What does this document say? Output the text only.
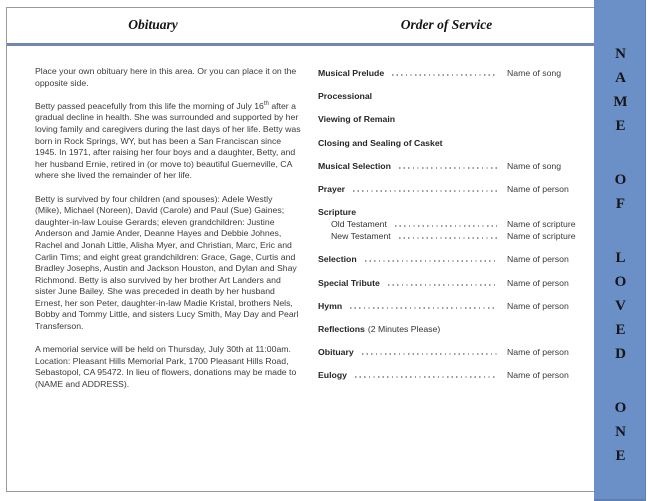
Obituary	Order of Service

Place your own obituary here in this area. Or you can place it on the opposite side.

Betty passed peacefully from this life the morning of July 16th after a gradual decline in health. She was surrounded and supported by her loving family and caregivers during the last days of her life. Betty was born in Rock Springs, WY, but has been a San Franciscan since 1945. In 1971, after raising her four boys and a daughter, Betty, and her husband Ernie, retired in (or move to) beautiful Guerneville, CA where she lived the remainder of her life.

Betty is survived by four children (and spouses): Adele Westly (Mike), Michael (Noreen), David (Carole) and Paul (Sue) Gaines; daughter-in-law Louise Gerards; eleven grandchildren: Justine Anderson and Jamie Ander, Deanne Hayes and Debbie Johnes, Rachel and Jonah Little, Alisha Myer, and Christian, Marc, Eric and Carlin Tims; and eight great grandchildren: Grace, Gage, Curtis and Bradley Josephs, Austin and Jackson Houston, and Dylan and Shay Richmond. Betty is also survived by her brother Art Landers and sister June Bailey. She was preceded in death by her husband Ernest, her son Peter, daughter-in-law Madie Kristal, brothers Nels, Bobby and Tommy Little, and sisters Lucy Smith, May Day and Pearl Transferson.

A memorial service will be held on Thursday, July 30th at 11:00am. Location: Pleasant Hills Memorial Park, 1700 Pleasant Hills Road, Sebastopol, CA 95472. In lieu of flowers, donations may be made to (NAME and ADDRESS).

Musical Prelude	Name of song
Processional
Viewing of Remain
Closing and Sealing of Casket
Musical Selection	Name of song
Prayer	Name of person
Scripture
Old Testament	Name of scripture
New Testament	Name of scripture
Selection	Name of person
Special Tribute	Name of person
Hymn	Name of person
Reflections (2 Minutes Please)
Obituary	Name of person
Eulogy	Name of person
NAME
OF
LOVED
ONE
